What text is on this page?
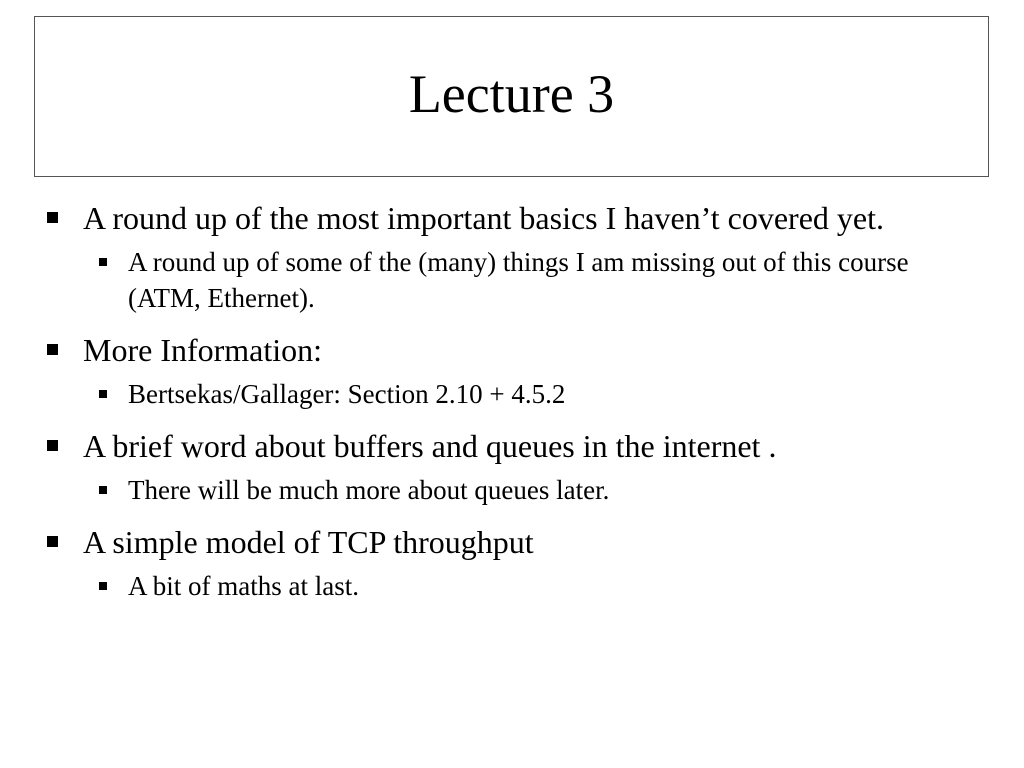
Lecture 3
A round up of the most important basics I haven’t covered yet.
A round up of some of the (many) things I am missing out of this course (ATM, Ethernet).
More Information:
Bertsekas/Gallager: Section 2.10 + 4.5.2
A brief word about buffers and queues in the internet .
There will be much more about queues later.
A simple model of TCP throughput
A bit of maths at last.
